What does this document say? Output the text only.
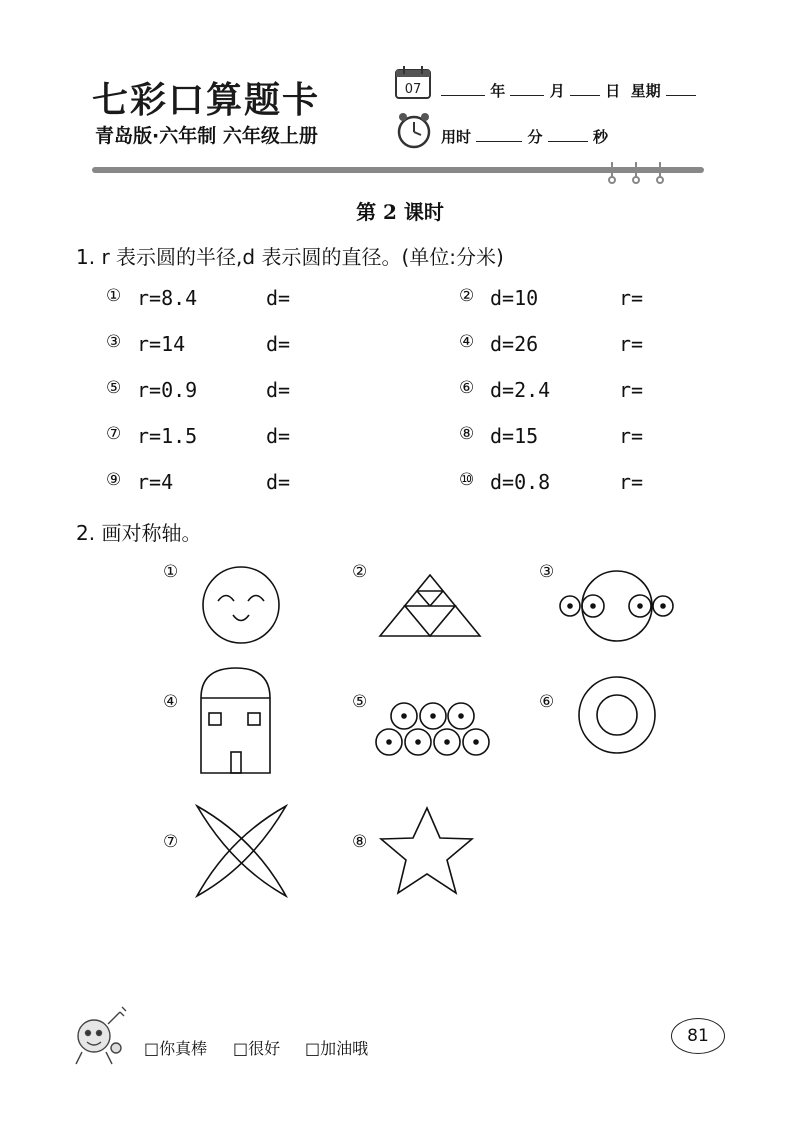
七彩口算题卡
青岛版·六年制 六年级上册
07	年	月	日 星期
用时	分	秒
第 2 课时
1. r 表示圆的半径,d 表示圆的直径。(单位:分米)
① r=8.4	d=	② d=10	r=
③ r=14	d=	④ d=26	r=
⑤ r=0.9	d=	⑥ d=2.4	r=
⑦ r=1.5	d=	⑧ d=15	r=
⑨ r=4	d=	⑩ d=0.8	r=
2. 画对称轴。
①	②	③
④	⑤	⑥
⑦	⑧
□你真棒 □很好 □加油哦
81
